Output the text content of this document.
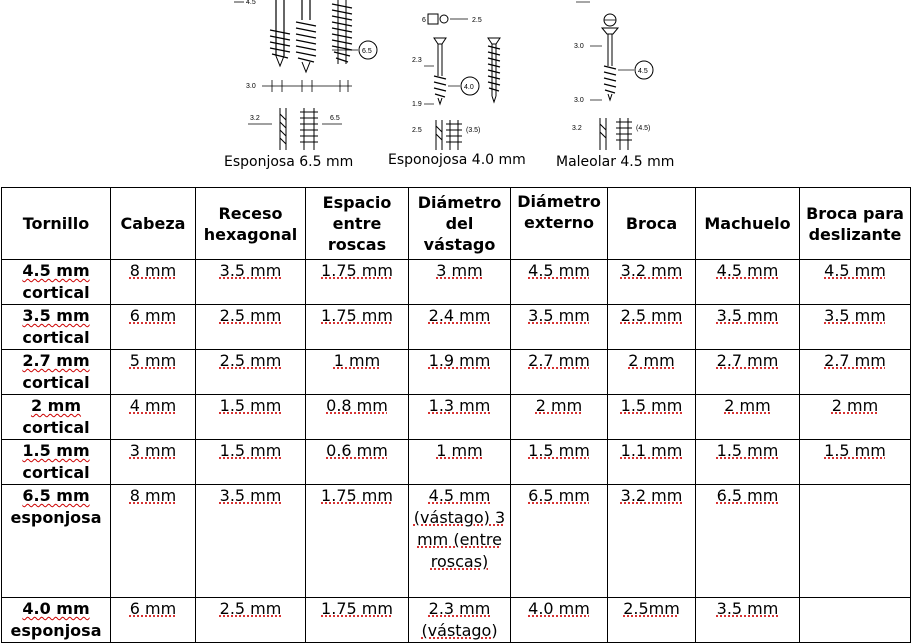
4.5
6.5
3.0
3.2	6.5
Esponjosa 6.5 mm
6	2.5
2.3
4.0
1.9
2.5	(3.5)
Esponojosa 4.0 mm
3.0
4.5
3.0
3.2	(4.5)
Maleolar 4.5 mm
Tornillo	Cabeza	Receso hexagonal	Espacio entre roscas	Diámetro del vástago	Diámetro externo	Broca	Machuelo	Broca para deslizante
4.5 mm
cortical	8 mm	3.5 mm	1.75 mm	3 mm	4.5 mm	3.2 mm	4.5 mm	4.5 mm
3.5 mm
cortical	6 mm	2.5 mm	1.75 mm	2.4 mm	3.5 mm	2.5 mm	3.5 mm	3.5 mm
2.7 mm
cortical	5 mm	2.5 mm	1 mm	1.9 mm	2.7 mm	2 mm	2.7 mm	2.7 mm
2 mm
cortical	4 mm	1.5 mm	0.8 mm	1.3 mm	2 mm	1.5 mm	2 mm	2 mm
1.5 mm
cortical	3 mm	1.5 mm	0.6 mm	1 mm	1.5 mm	1.1 mm	1.5 mm	1.5 mm
6.5 mm
esponjosa	8 mm	3.5 mm	1.75 mm	4.5 mm (vástago) 3 mm (entre roscas)	6.5 mm	3.2 mm	6.5 mm	
4.0 mm
esponjosa	6 mm	2.5 mm	1.75 mm	2.3 mm (vástago)	4.0 mm	2.5mm	3.5 mm	
